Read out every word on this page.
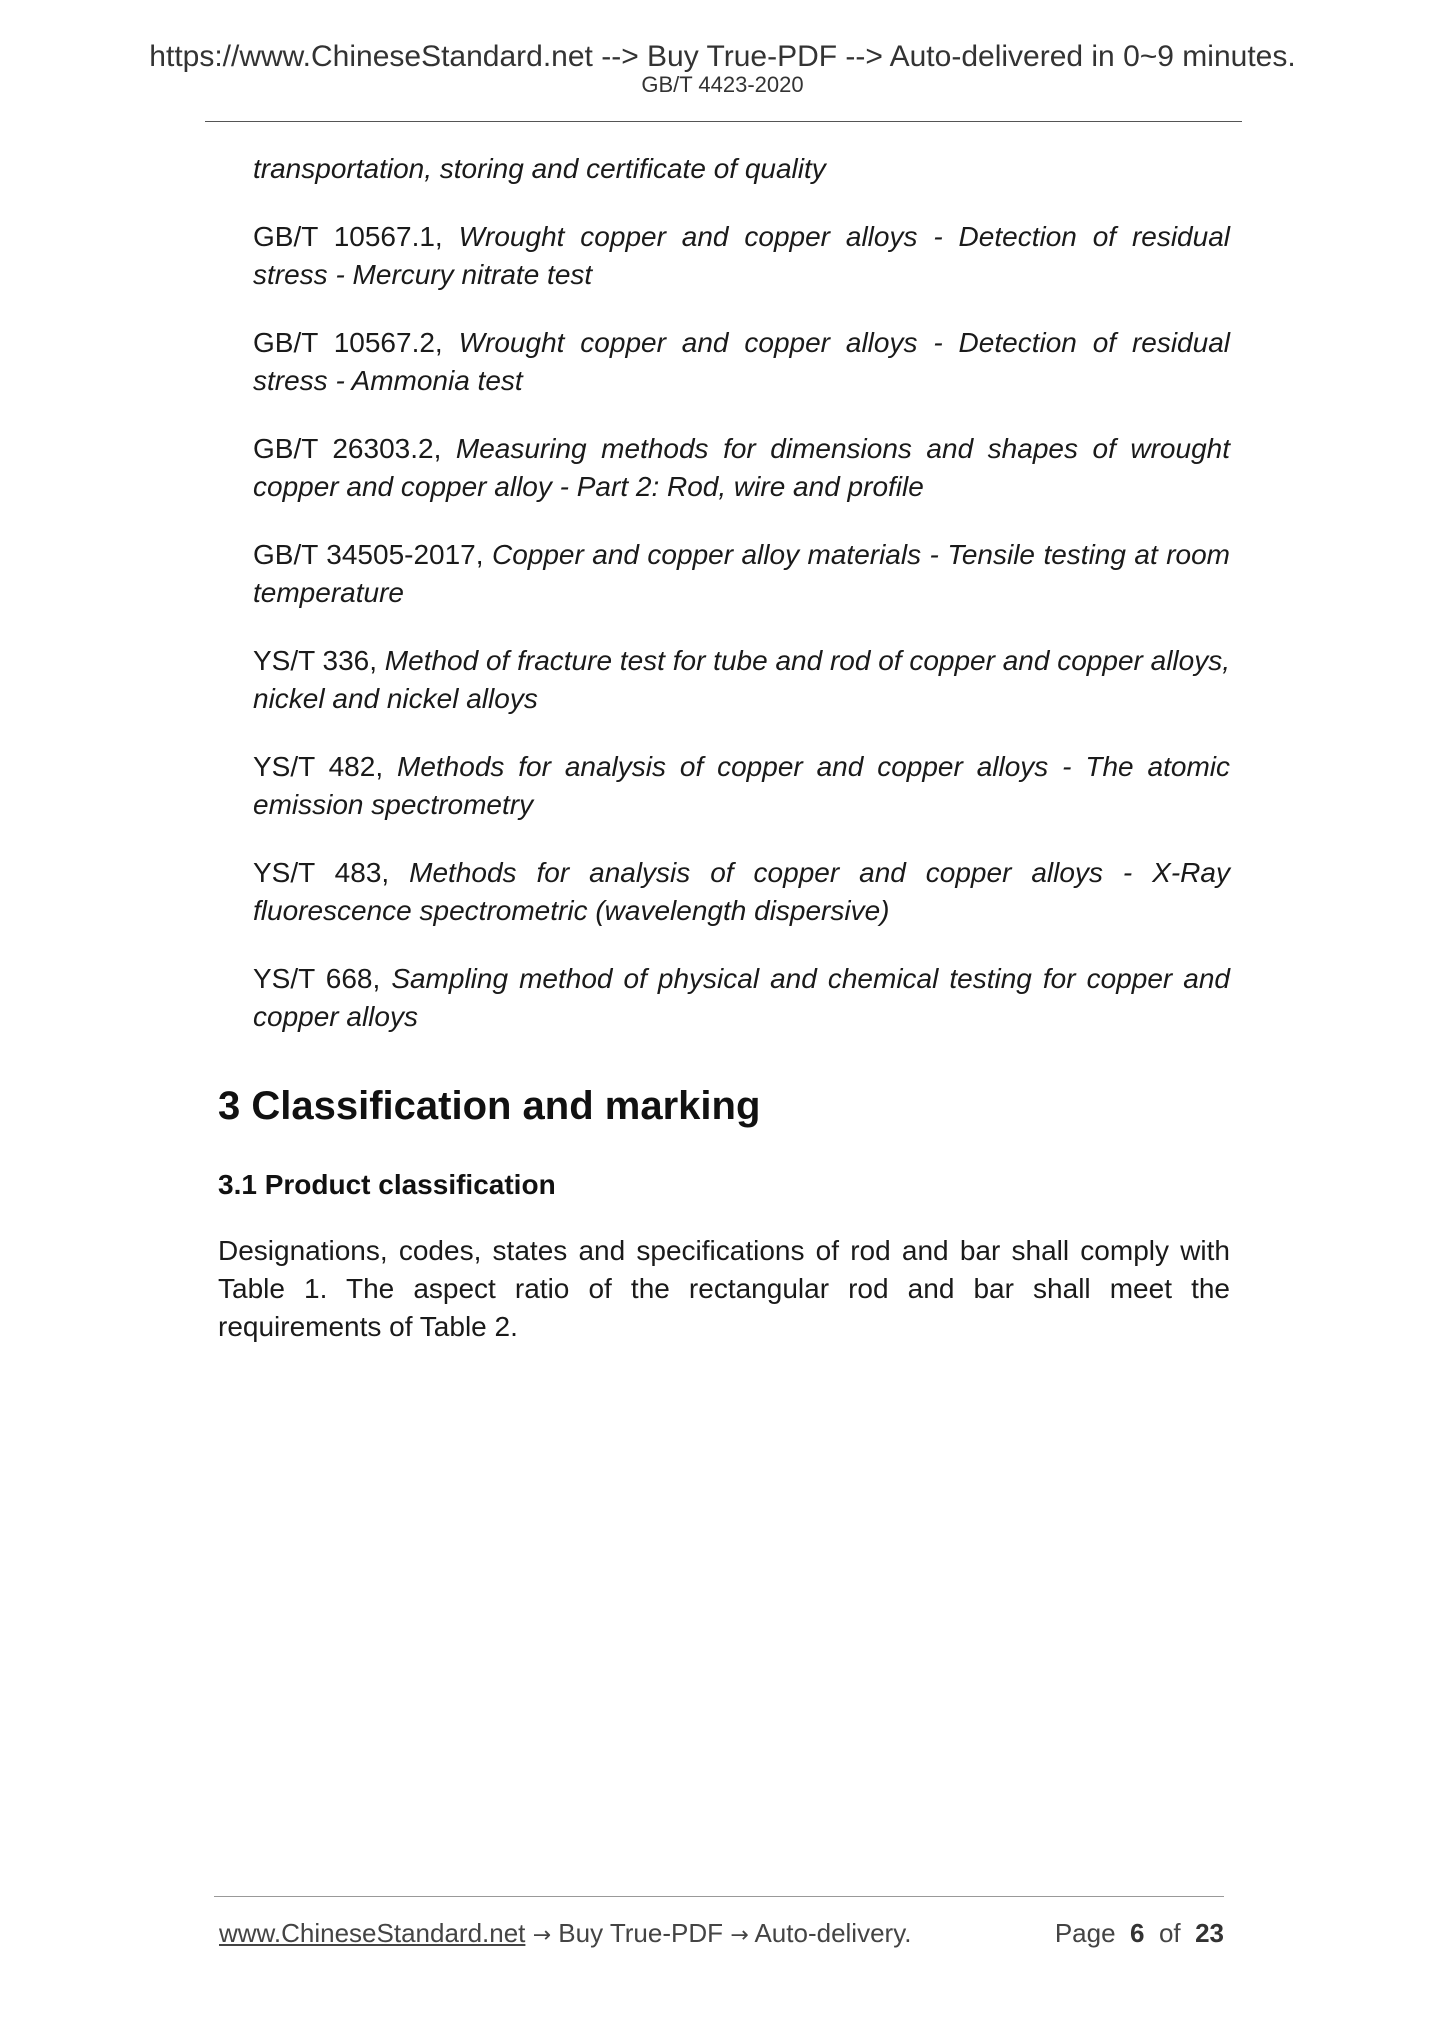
https://www.ChineseStandard.net --> Buy True-PDF --> Auto-delivered in 0~9 minutes.
GB/T 4423-2020
transportation, storing and certificate of quality
GB/T 10567.1, Wrought copper and copper alloys - Detection of residual stress - Mercury nitrate test
GB/T 10567.2, Wrought copper and copper alloys - Detection of residual stress - Ammonia test
GB/T 26303.2, Measuring methods for dimensions and shapes of wrought copper and copper alloy - Part 2: Rod, wire and profile
GB/T 34505-2017, Copper and copper alloy materials - Tensile testing at room temperature
YS/T 336, Method of fracture test for tube and rod of copper and copper alloys, nickel and nickel alloys
YS/T 482, Methods for analysis of copper and copper alloys - The atomic emission spectrometry
YS/T 483, Methods for analysis of copper and copper alloys - X-Ray fluorescence spectrometric (wavelength dispersive)
YS/T 668, Sampling method of physical and chemical testing for copper and copper alloys
3 Classification and marking
3.1 Product classification

Designations, codes, states and specifications of rod and bar shall comply with Table 1. The aspect ratio of the rectangular rod and bar shall meet the requirements of Table 2.

www.ChineseStandard.net → Buy True-PDF → Auto-delivery.	Page 6 of 23
